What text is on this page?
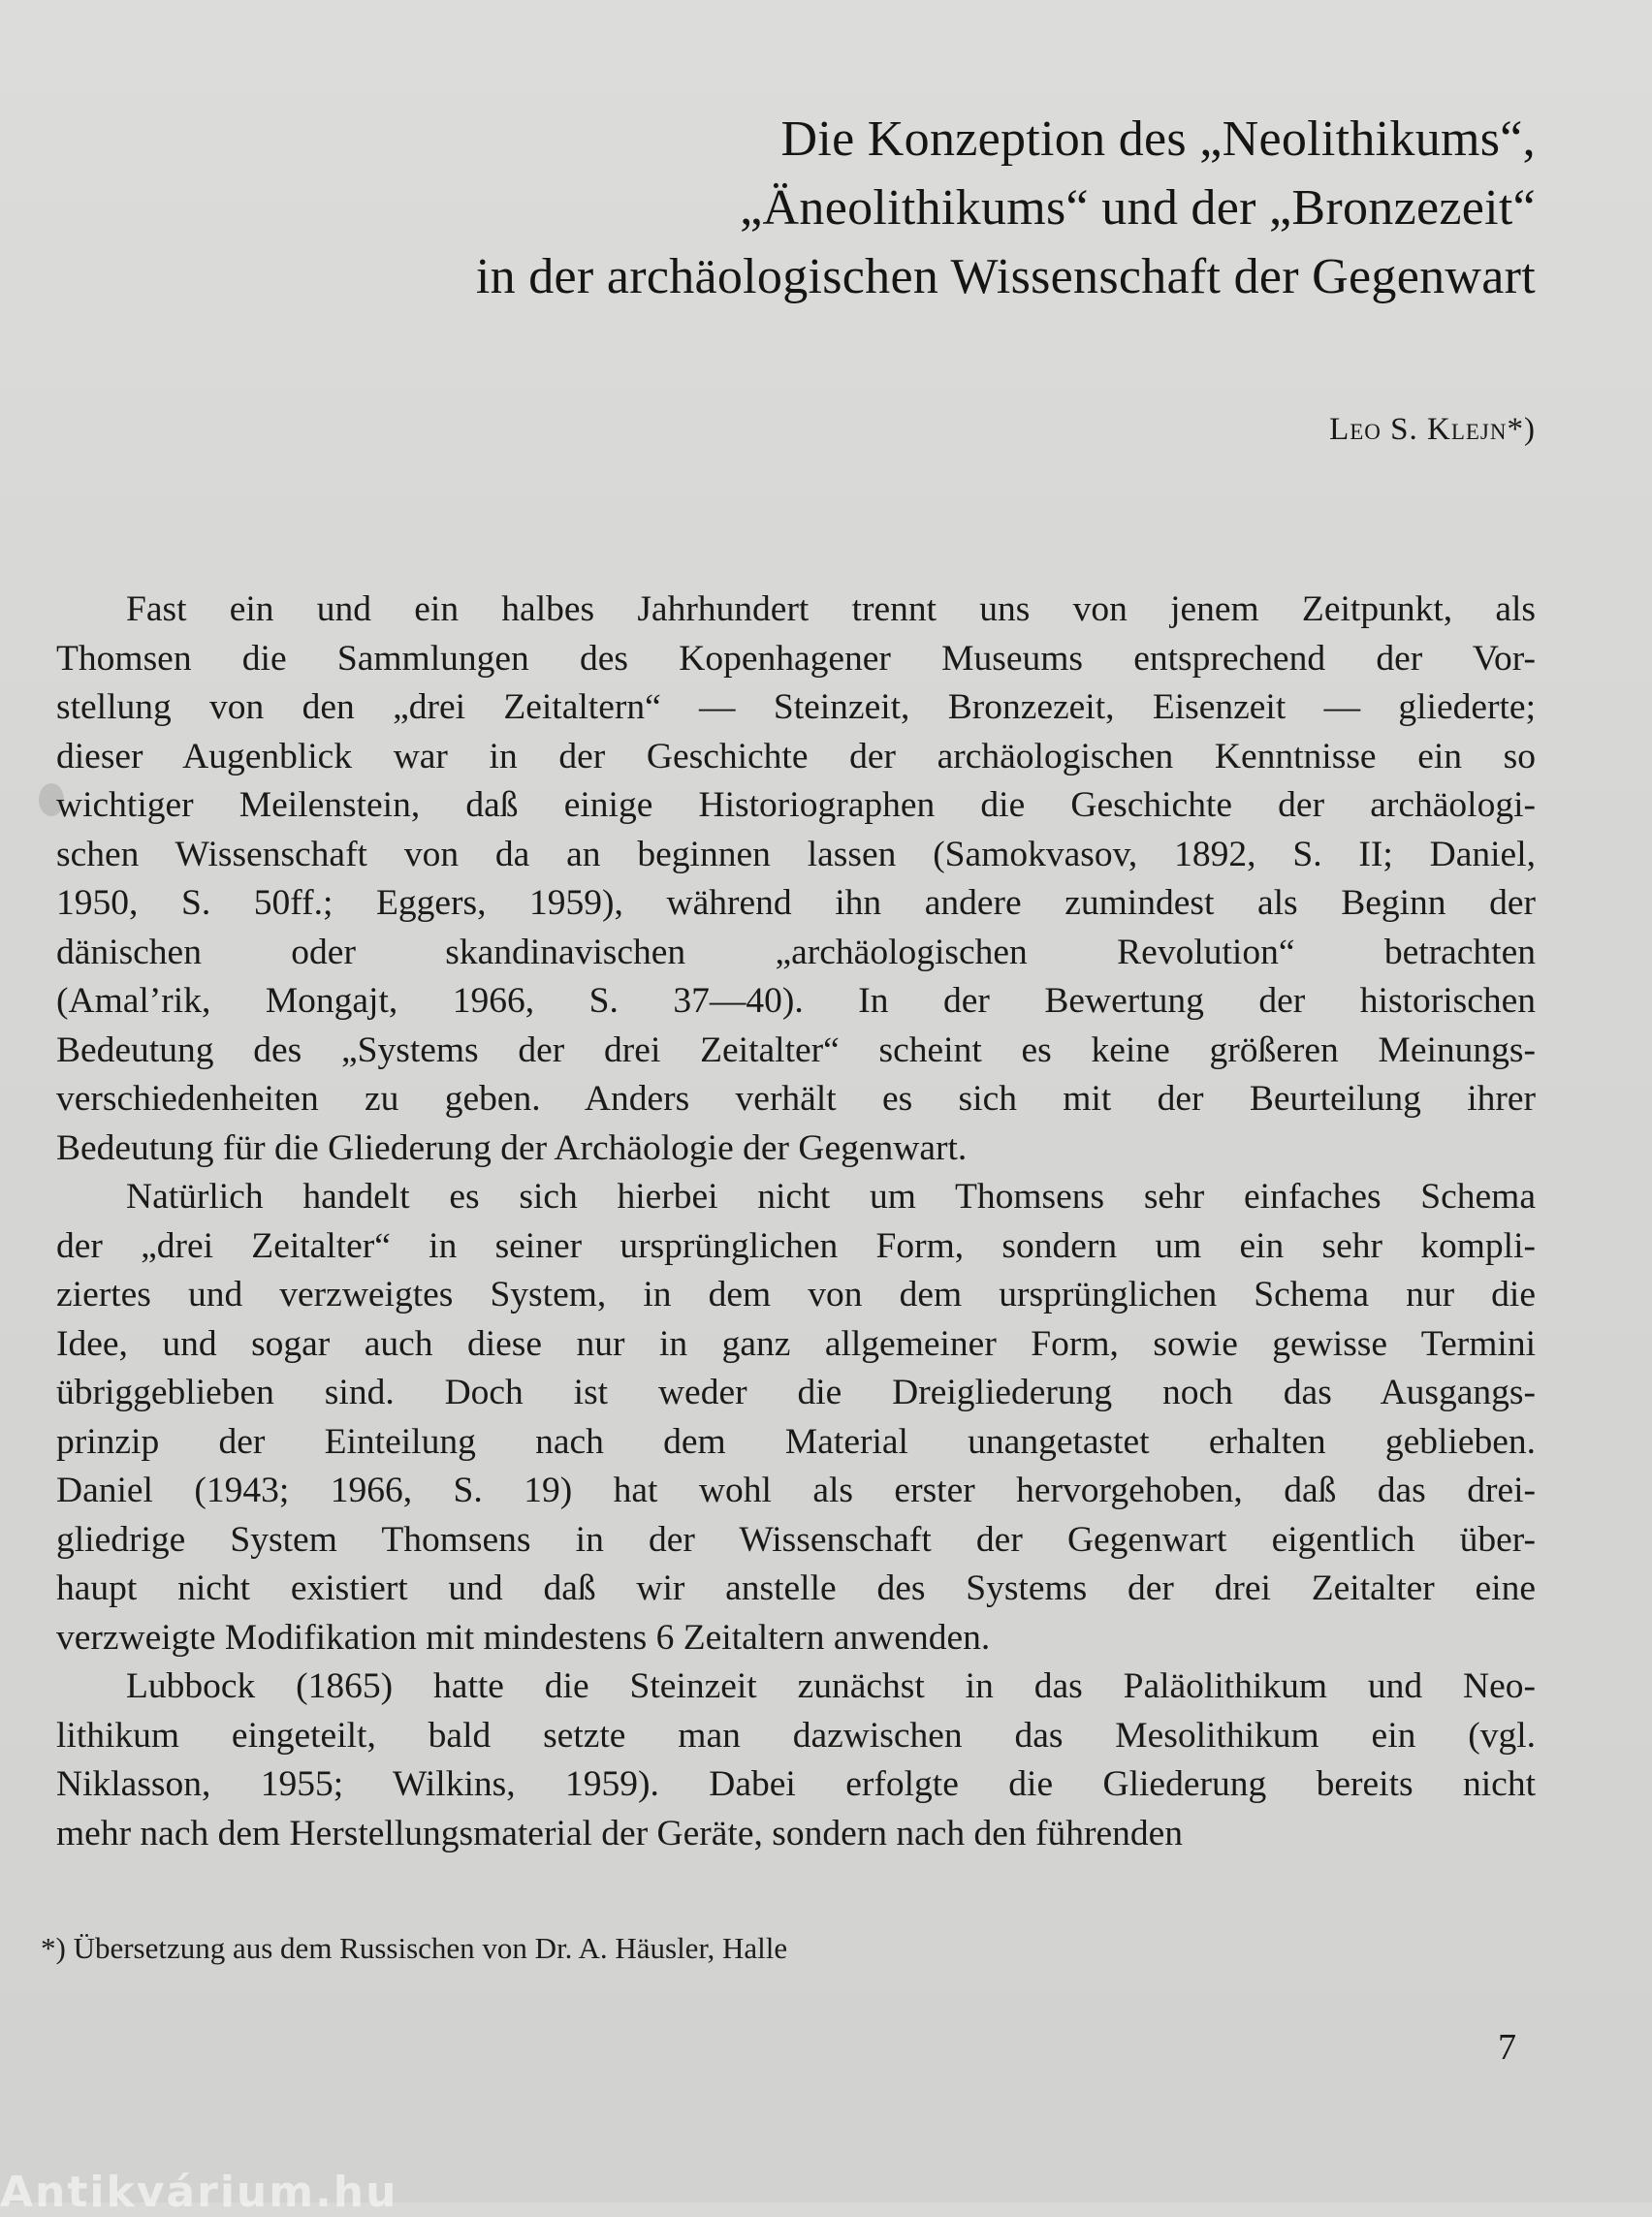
Die Konzeption des „Neolithikums“,
„Äneolithikums“ und der „Bronzezeit“
in der archäologischen Wissenschaft der Gegenwart
Leo S. Klejn*)
Fast ein und ein halbes Jahrhundert trennt uns von jenem Zeitpunkt, als
Thomsen die Sammlungen des Kopenhagener Museums entsprechend der Vor-
stellung von den „drei Zeitaltern“ — Steinzeit, Bronzezeit, Eisenzeit — gliederte;
dieser Augenblick war in der Geschichte der archäologischen Kenntnisse ein so
wichtiger Meilenstein, daß einige Historiographen die Geschichte der archäologi-
schen Wissenschaft von da an beginnen lassen (Samokvasov, 1892, S. II; Daniel,
1950, S. 50ff.; Eggers, 1959), während ihn andere zumindest als Beginn der
dänischen oder skandinavischen „archäologischen Revolution“ betrachten
(Amal’rik, Mongajt, 1966, S. 37—40). In der Bewertung der historischen
Bedeutung des „Systems der drei Zeitalter“ scheint es keine größeren Meinungs-
verschiedenheiten zu geben. Anders verhält es sich mit der Beurteilung ihrer
Bedeutung für die Gliederung der Archäologie der Gegenwart.
Natürlich handelt es sich hierbei nicht um Thomsens sehr einfaches Schema
der „drei Zeitalter“ in seiner ursprünglichen Form, sondern um ein sehr kompli-
ziertes und verzweigtes System, in dem von dem ursprünglichen Schema nur die
Idee, und sogar auch diese nur in ganz allgemeiner Form, sowie gewisse Termini
übriggeblieben sind. Doch ist weder die Dreigliederung noch das Ausgangs-
prinzip der Einteilung nach dem Material unangetastet erhalten geblieben.
Daniel (1943; 1966, S. 19) hat wohl als erster hervorgehoben, daß das drei-
gliedrige System Thomsens in der Wissenschaft der Gegenwart eigentlich über-
haupt nicht existiert und daß wir anstelle des Systems der drei Zeitalter eine
verzweigte Modifikation mit mindestens 6 Zeitaltern anwenden.
Lubbock (1865) hatte die Steinzeit zunächst in das Paläolithikum und Neo-
lithikum eingeteilt, bald setzte man dazwischen das Mesolithikum ein (vgl.
Niklasson, 1955; Wilkins, 1959). Dabei erfolgte die Gliederung bereits nicht
mehr nach dem Herstellungsmaterial der Geräte, sondern nach den führenden
*) Übersetzung aus dem Russischen von Dr. A. Häusler, Halle
7
Antikvárium.hu
